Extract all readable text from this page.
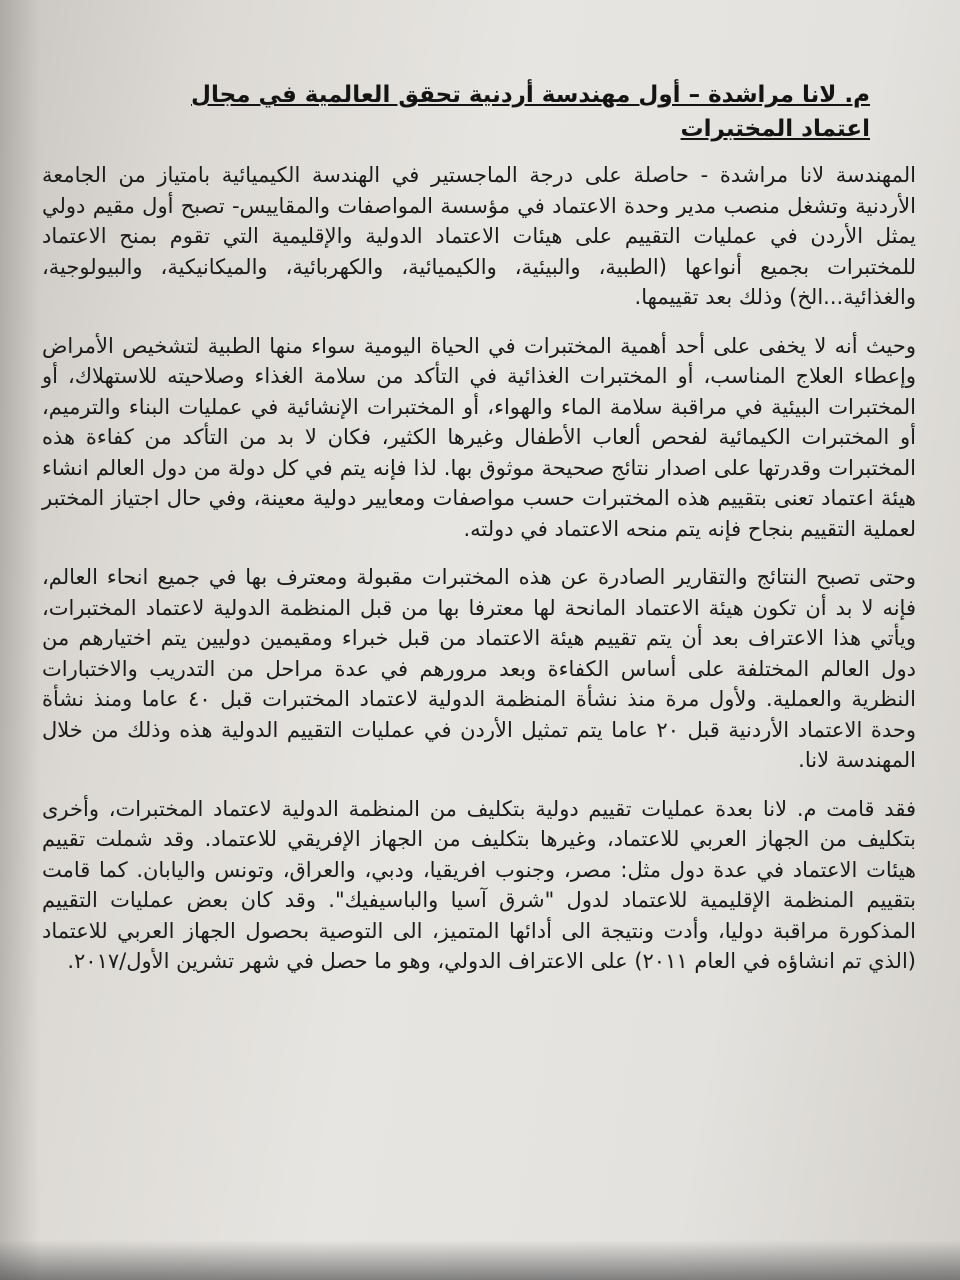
م. لانا مراشدة – أول مهندسة أردنية تحقق العالمية في مجال اعتماد المختبرات

المهندسة لانا مراشدة - حاصلة على درجة الماجستير في الهندسة الكيميائية بامتياز من الجامعة الأردنية وتشغل منصب مدير وحدة الاعتماد في مؤسسة المواصفات والمقاييس- تصبح أول مقيم دولي يمثل الأردن في عمليات التقييم على هيئات الاعتماد الدولية والإقليمية التي تقوم بمنح الاعتماد للمختبرات بجميع أنواعها (الطبية، والبيئية، والكيميائية، والكهربائية، والميكانيكية، والبيولوجية، والغذائية...الخ) وذلك بعد تقييمها.

وحيث أنه لا يخفى على أحد أهمية المختبرات في الحياة اليومية سواء منها الطبية لتشخيص الأمراض وإعطاء العلاج المناسب، أو المختبرات الغذائية في التأكد من سلامة الغذاء وصلاحيته للاستهلاك، أو المختبرات البيئية في مراقبة سلامة الماء والهواء، أو المختبرات الإنشائية في عمليات البناء والترميم، أو المختبرات الكيمائية لفحص ألعاب الأطفال وغيرها الكثير، فكان لا بد من التأكد من كفاءة هذه المختبرات وقدرتها على اصدار نتائج صحيحة موثوق بها. لذا فإنه يتم في كل دولة من دول العالم انشاء هيئة اعتماد تعنى بتقييم هذه المختبرات حسب مواصفات ومعايير دولية معينة، وفي حال اجتياز المختبر لعملية التقييم بنجاح فإنه يتم منحه الاعتماد في دولته.

وحتى تصبح النتائج والتقارير الصادرة عن هذه المختبرات مقبولة ومعترف بها في جميع انحاء العالم، فإنه لا بد أن تكون هيئة الاعتماد المانحة لها معترفا بها من قبل المنظمة الدولية لاعتماد المختبرات، ويأتي هذا الاعتراف بعد أن يتم تقييم هيئة الاعتماد من قبل خبراء ومقيمين دوليين يتم اختيارهم من دول العالم المختلفة على أساس الكفاءة وبعد مرورهم في عدة مراحل من التدريب والاختبارات النظرية والعملية. ولأول مرة منذ نشأة المنظمة الدولية لاعتماد المختبرات قبل ٤٠ عاما ومنذ نشأة وحدة الاعتماد الأردنية قبل ٢٠ عاما يتم تمثيل الأردن في عمليات التقييم الدولية هذه وذلك من خلال المهندسة لانا.

فقد قامت م. لانا بعدة عمليات تقييم دولية بتكليف من المنظمة الدولية لاعتماد المختبرات، وأخرى بتكليف من الجهاز العربي للاعتماد، وغيرها بتكليف من الجهاز الإفريقي للاعتماد. وقد شملت تقييم هيئات الاعتماد في عدة دول مثل: مصر، وجنوب افريقيا، ودبي، والعراق، وتونس واليابان. كما قامت بتقييم المنظمة الإقليمية للاعتماد لدول "شرق آسيا والباسيفيك". وقد كان بعض عمليات التقييم المذكورة مراقبة دوليا، وأدت ونتيجة الى أدائها المتميز، الى التوصية بحصول الجهاز العربي للاعتماد (الذي تم انشاؤه في العام ٢٠١١) على الاعتراف الدولي، وهو ما حصل في شهر تشرين الأول/٢٠١٧.
